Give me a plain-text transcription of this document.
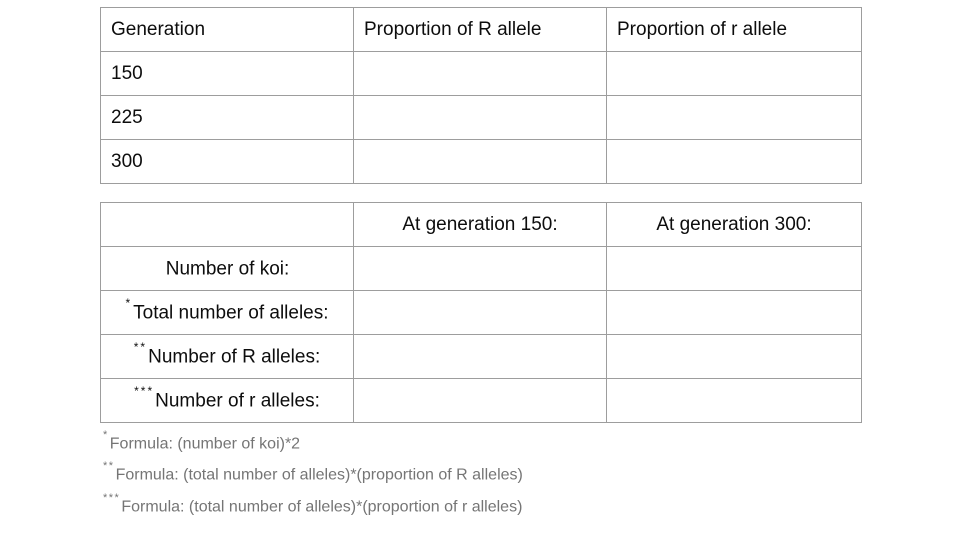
Generation	Proportion of R allele	Proportion of r allele
150		
225		
300		
	At generation 150:	At generation 300:
Number of koi:		
*Total number of alleles:		
**Number of R alleles:		
***Number of r alleles:		
*Formula: (number of koi)*2
**Formula: (total number of alleles)*(proportion of R alleles)
***Formula: (total number of alleles)*(proportion of r alleles)
